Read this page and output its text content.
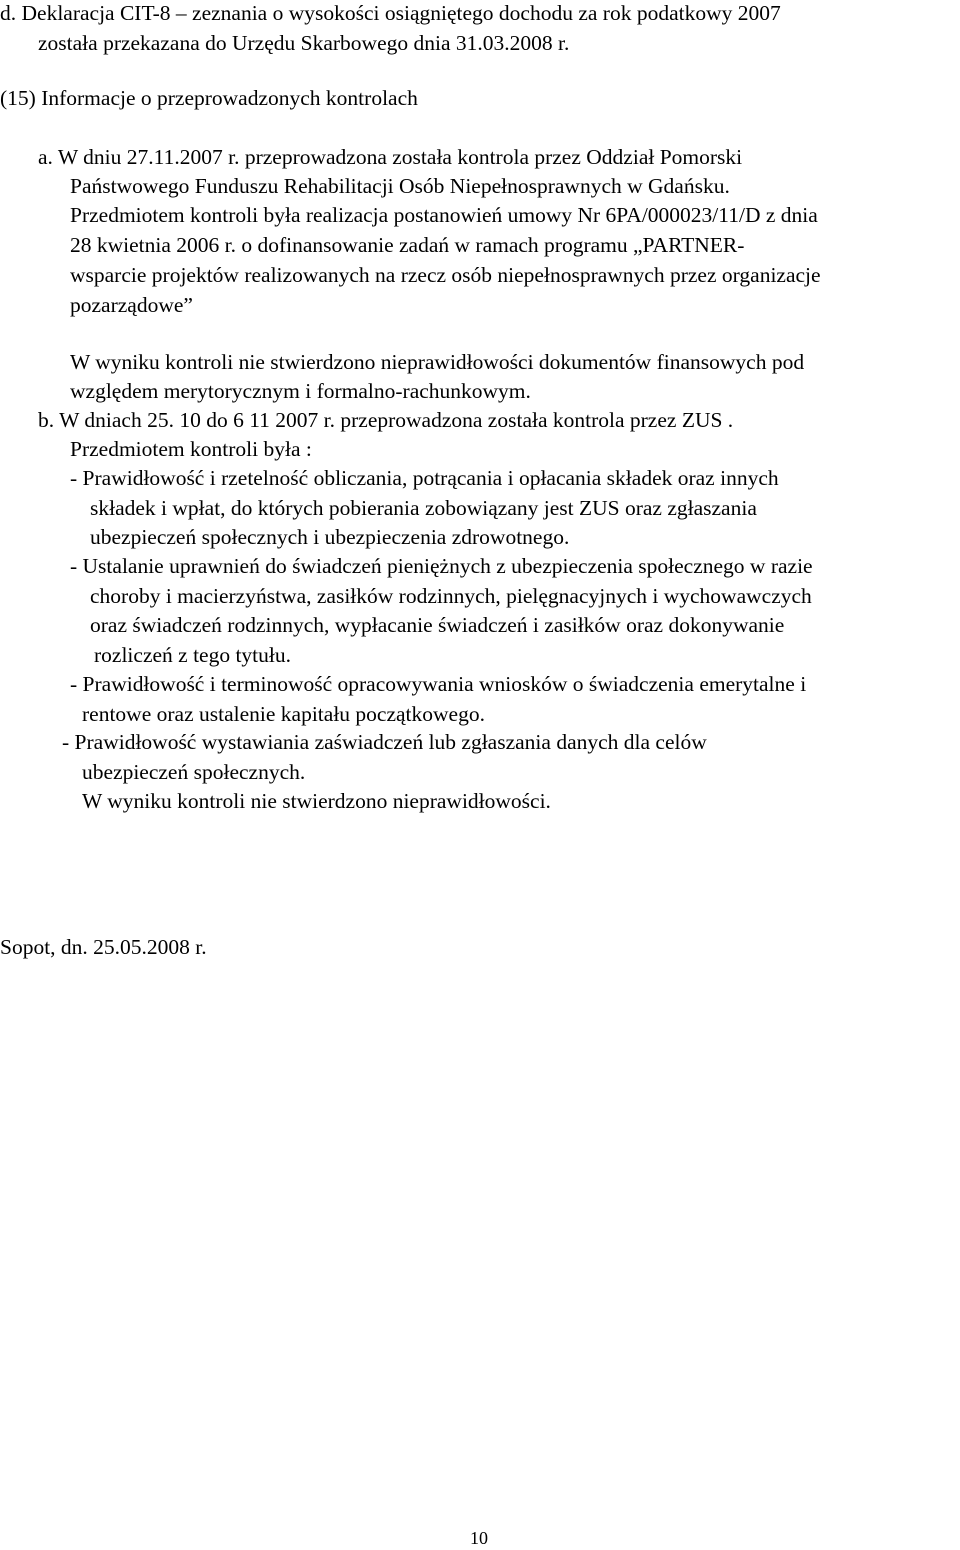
d. Deklaracja CIT-8 – zeznania o wysokości osiągniętego dochodu za rok podatkowy 2007

została przekazana do Urzędu Skarbowego dnia 31.03.2008 r.

(15) Informacje o przeprowadzonych kontrolach

a. W dniu 27.11.2007 r. przeprowadzona została kontrola przez Oddział Pomorski

Państwowego Funduszu Rehabilitacji Osób Niepełnosprawnych w Gdańsku.

Przedmiotem kontroli była realizacja postanowień umowy Nr 6PA/000023/11/D z dnia

28 kwietnia 2006 r. o dofinansowanie zadań w ramach programu „PARTNER-

wsparcie projektów realizowanych na rzecz osób niepełnosprawnych przez organizacje

pozarządowe”

W wyniku kontroli nie stwierdzono nieprawidłowości dokumentów finansowych pod

względem merytorycznym i formalno-rachunkowym.

b. W dniach 25. 10 do 6 11 2007 r. przeprowadzona została kontrola przez ZUS .

Przedmiotem kontroli była :

- Prawidłowość i rzetelność obliczania, potrącania i opłacania składek oraz innych

składek i wpłat, do których pobierania zobowiązany jest ZUS oraz zgłaszania

ubezpieczeń społecznych i ubezpieczenia zdrowotnego.

- Ustalanie uprawnień do świadczeń pieniężnych z ubezpieczenia społecznego w razie

choroby i macierzyństwa, zasiłków rodzinnych, pielęgnacyjnych i wychowawczych

oraz świadczeń rodzinnych, wypłacanie świadczeń i zasiłków oraz dokonywanie

rozliczeń z tego tytułu.

- Prawidłowość i terminowość opracowywania wniosków o świadczenia emerytalne i

rentowe oraz ustalenie kapitału początkowego.

- Prawidłowość wystawiania zaświadczeń lub zgłaszania danych dla celów

ubezpieczeń społecznych.

W wyniku kontroli nie stwierdzono nieprawidłowości.

Sopot, dn. 25.05.2008 r.

10
